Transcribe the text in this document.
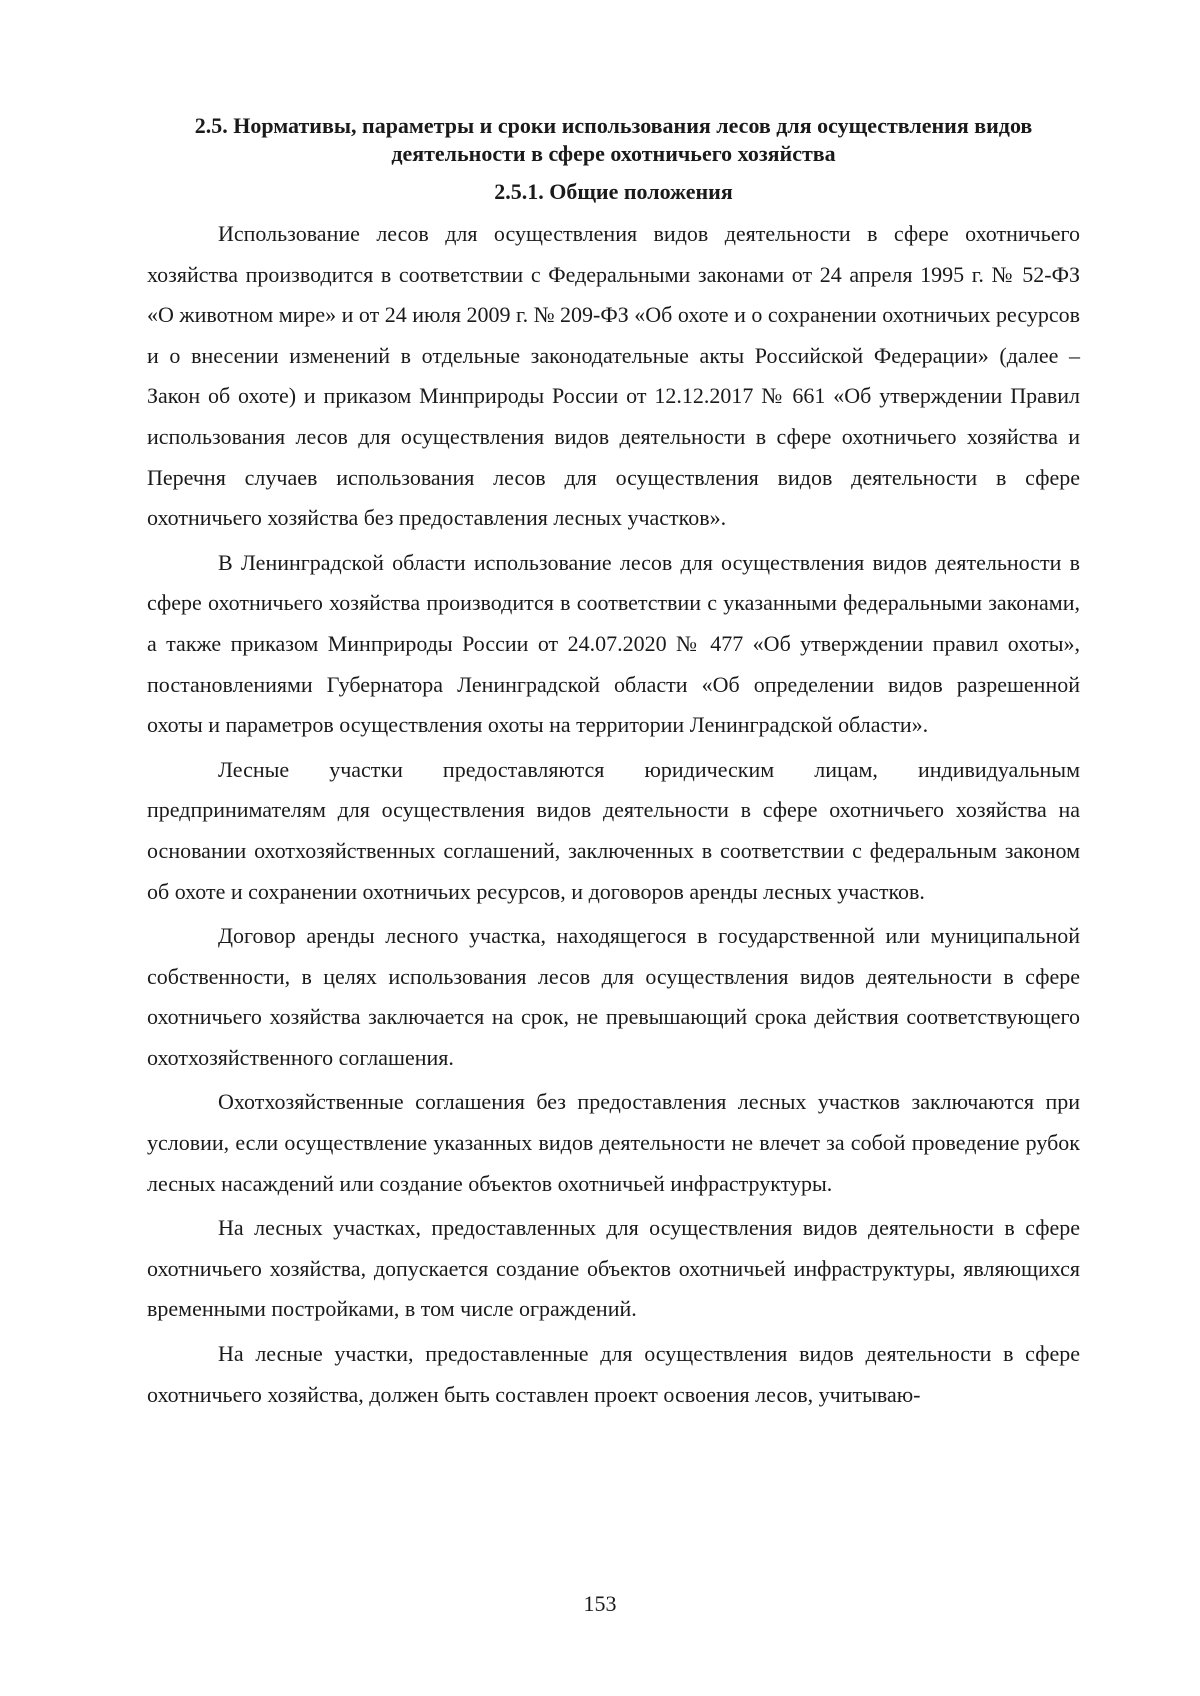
2.5. Нормативы, параметры и сроки использования лесов для осуществления видов деятельности в сфере охотничьего хозяйства
2.5.1. Общие положения

Использование лесов для осуществления видов деятельности в сфере охотничьего хозяйства производится в соответствии с Федеральными законами от 24 апреля 1995 г. № 52-ФЗ «О животном мире» и от 24 июля 2009 г. № 209-ФЗ «Об охоте и о сохранении охотничьих ресурсов и о внесении изменений в отдельные законодательные акты Российской Федерации» (далее – Закон об охоте) и приказом Минприроды России от 12.12.2017 № 661 «Об утверждении Правил использования лесов для осуществления видов деятельности в сфере охотничьего хозяйства и Перечня случаев использования лесов для осуществления видов деятельности в сфере охотничьего хозяйства без предоставления лесных участков».

В Ленинградской области использование лесов для осуществления видов деятельности в сфере охотничьего хозяйства производится в соответствии с указанными федеральными законами, а также приказом Минприроды России от 24.07.2020 № 477 «Об утверждении правил охоты», постановлениями Губернатора Ленинградской области «Об определении видов разрешенной охоты и параметров осуществления охоты на территории Ленинградской области».

Лесные участки предоставляются юридическим лицам, индивидуальным предпринимателям для осуществления видов деятельности в сфере охотничьего хозяйства на основании охотхозяйственных соглашений, заключенных в соответствии с федеральным законом об охоте и сохранении охотничьих ресурсов, и договоров аренды лесных участков.

Договор аренды лесного участка, находящегося в государственной или муниципальной собственности, в целях использования лесов для осуществления видов деятельности в сфере охотничьего хозяйства заключается на срок, не превышающий срока действия соответствующего охотхозяйственного соглашения.

Охотхозяйственные соглашения без предоставления лесных участков заключаются при условии, если осуществление указанных видов деятельности не влечет за собой проведение рубок лесных насаждений или создание объектов охотничьей инфраструктуры.

На лесных участках, предоставленных для осуществления видов деятельности в сфере охотничьего хозяйства, допускается создание объектов охотничьей инфраструктуры, являющихся временными постройками, в том числе ограждений.

На лесные участки, предоставленные для осуществления видов деятельности в сфере охотничьего хозяйства, должен быть составлен проект освоения лесов, учитываю-

153
